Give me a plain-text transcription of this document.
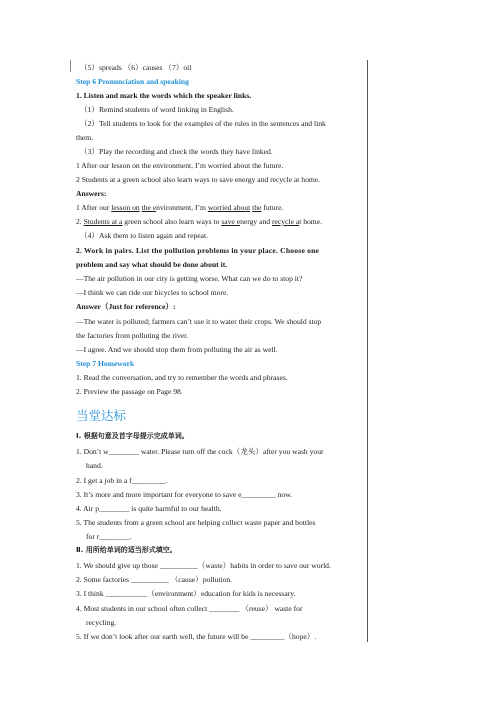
（5）spreads （6）causes （7）oil
Step 6 Pronunciation and speaking
1. Listen and mark the words which the speaker links.
（1）Remind students of word linking in English.
（2）Tell students to look for the examples of the rules in the sentences and link
them.
（3）Play the recording and check the words they have linked.
1 After our lesson on the environment, I’m worried about the future.
2 Students at a green school also learn ways to save energy and recycle at home.
Answers:
1 After our lesson on the environment, I’m worried about the future.
2. Students at a green school also learn ways to save energy and recycle at home.
（4）Ask them to listen again and repeat.
2. Work in pairs. List the pollution problems in your place. Choose one
problem and say what should be done about it.
—The air pollution in our city is getting worse. What can we do to stop it?
—I think we can ride our bicycles to school more.
Answer（Just for reference）:
—The water is polluted; farmers can’t use it to water their crops. We should stop
the factories from polluting the river.
—I agree. And we should stop them from polluting the air as well.
Step 7 Homework
1. Read the conversation, and try to remember the words and phrases.
2. Preview the passage on Page 98.
当堂达标
Ⅰ. 根据句意及首字母提示完成单词。
1. Don’t w________ water. Please turn off the cock（龙头）after you wash your
hand.
2. I get a job in a f_________.
3. It’s more and more important for everyone to save e_________ now.
4. Air p________ is quite harmful to our health.
5. The students from a green school are helping collect waste paper and bottles
for r________.
Ⅱ. 用所给单词的适当形式填空。
1. We should give up those __________（waste）habits in order to save our world.
2. Some factories __________ （cause）pollution.
3. I think ___________（environment）education for kids is necessary.
4. Most students in our school often collect ________ （reuse） waste for
recycling.
5. If we don’t look after our earth well, the future will be _________（hope）.
